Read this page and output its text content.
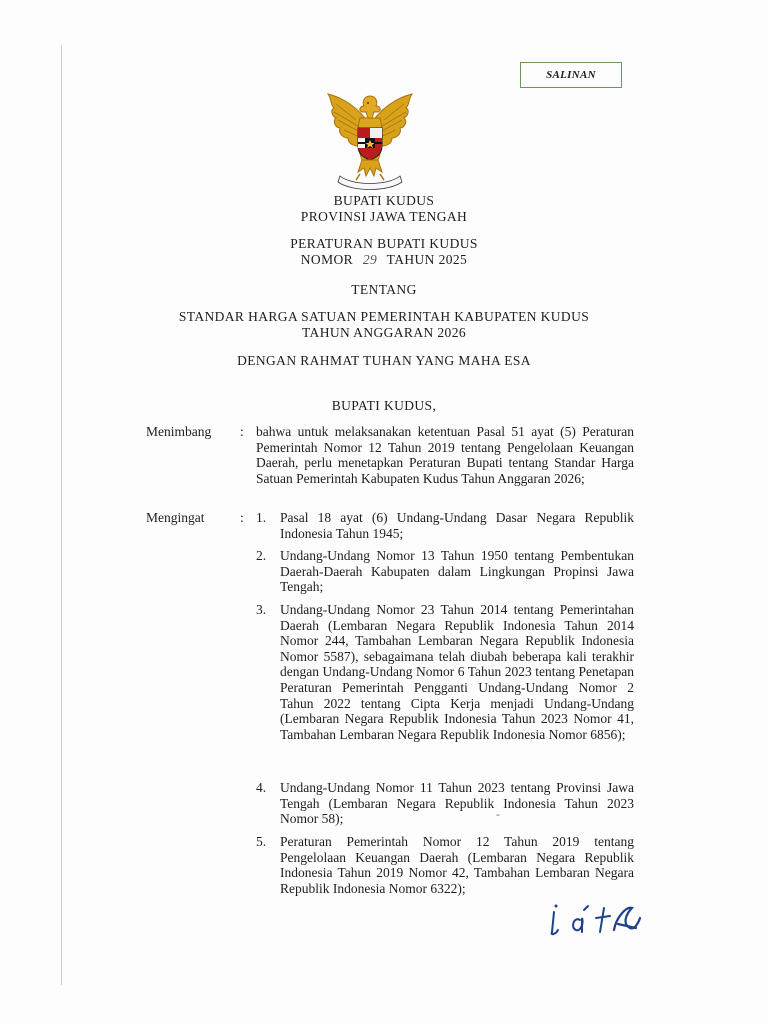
SALINAN
BUPATI KUDUS
PROVINSI JAWA TENGAH
PERATURAN BUPATI KUDUS
NOMOR 29 TAHUN 2025
TENTANG
STANDAR HARGA SATUAN PEMERINTAH KABUPATEN KUDUS
TAHUN ANGGARAN 2026
DENGAN RAHMAT TUHAN YANG MAHA ESA
BUPATI KUDUS,
Menimbang : bahwa untuk melaksanakan ketentuan Pasal 51 ayat (5) Peraturan Pemerintah Nomor 12 Tahun 2019 tentang Pengelolaan Keuangan Daerah, perlu menetapkan Peraturan Bupati tentang Standar Harga Satuan Pemerintah Kabupaten Kudus Tahun Anggaran 2026;
Mengingat	: 1. Pasal 18 ayat (6) Undang-Undang Dasar Negara Republik Indonesia Tahun 1945;
2. Undang-Undang Nomor 13 Tahun 1950 tentang Pembentukan Daerah-Daerah Kabupaten dalam Lingkungan Propinsi Jawa Tengah;
3. Undang-Undang Nomor 23 Tahun 2014 tentang Pemerintahan Daerah (Lembaran Negara Republik Indonesia Tahun 2014 Nomor 244, Tambahan Lembaran Negara Republik Indonesia Nomor 5587), sebagaimana telah diubah beberapa kali terakhir dengan Undang-Undang Nomor 6 Tahun 2023 tentang Penetapan Peraturan Pemerintah Pengganti Undang-Undang Nomor 2 Tahun 2022 tentang Cipta Kerja menjadi Undang-Undang (Lembaran Negara Republik Indonesia Tahun 2023 Nomor 41, Tambahan Lembaran Negara Republik Indonesia Nomor 6856);
4. Undang-Undang Nomor 11 Tahun 2023 tentang Provinsi Jawa Tengah (Lembaran Negara Republik Indonesia Tahun 2023 Nomor 58);
5. Peraturan Pemerintah Nomor 12 Tahun 2019 tentang Pengelolaan Keuangan Daerah (Lembaran Negara Republik Indonesia Tahun 2019 Nomor 42, Tambahan Lembaran Negara Republik Indonesia Nomor 6322);
-
